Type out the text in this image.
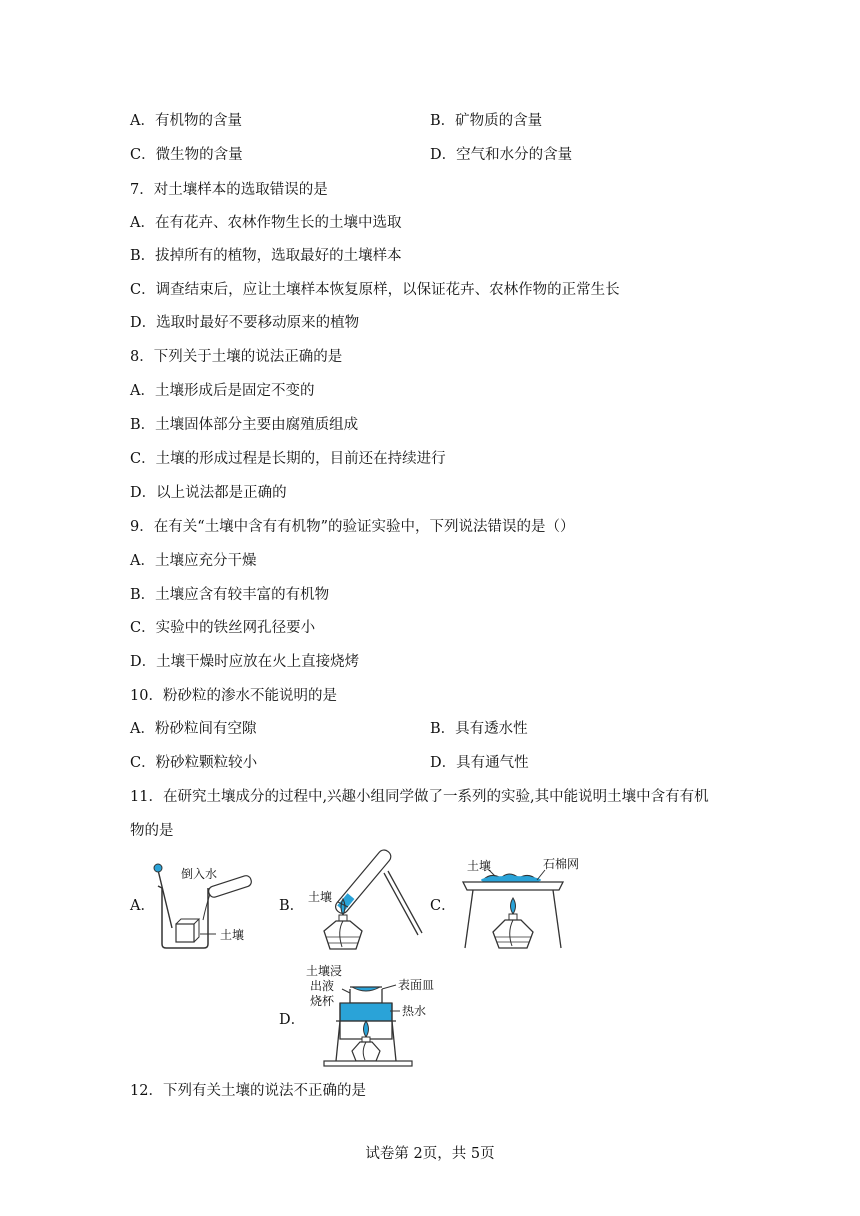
A．有机物的含量	B．矿物质的含量
C．微生物的含量	D．空气和水分的含量
7．对土壤样本的选取错误的是
A．在有花卉、农林作物生长的土壤中选取
B．拔掉所有的植物，选取最好的土壤样本
C．调查结束后，应让土壤样本恢复原样，以保证花卉、农林作物的正常生长
D．选取时最好不要移动原来的植物
8．下列关于土壤的说法正确的是
A．土壤形成后是固定不变的
B．土壤固体部分主要由腐殖质组成
C．土壤的形成过程是长期的，目前还在持续进行
D．以上说法都是正确的
9．在有关“土壤中含有有机物”的验证实验中，下列说法错误的是（）
A．土壤应充分干燥
B．土壤应含有较丰富的有机物
C．实验中的铁丝网孔径要小
D．土壤干燥时应放在火上直接烧烤
10．粉砂粒的渗水不能说明的是
A．粉砂粒间有空隙	B．具有透水性
C．粉砂粒颗粒较小	D．具有通气性
11．在研究土壤成分的过程中,兴趣小组同学做了一系列的实验,其中能说明土壤中含有有机
物的是
A．	B．	C．
D．
倒入水
土壤
土壤
土壤	石棉网
土壤浸
出液
烧杯
表面皿
热水
12．下列有关土壤的说法不正确的是
试卷第 2页，共 5页
